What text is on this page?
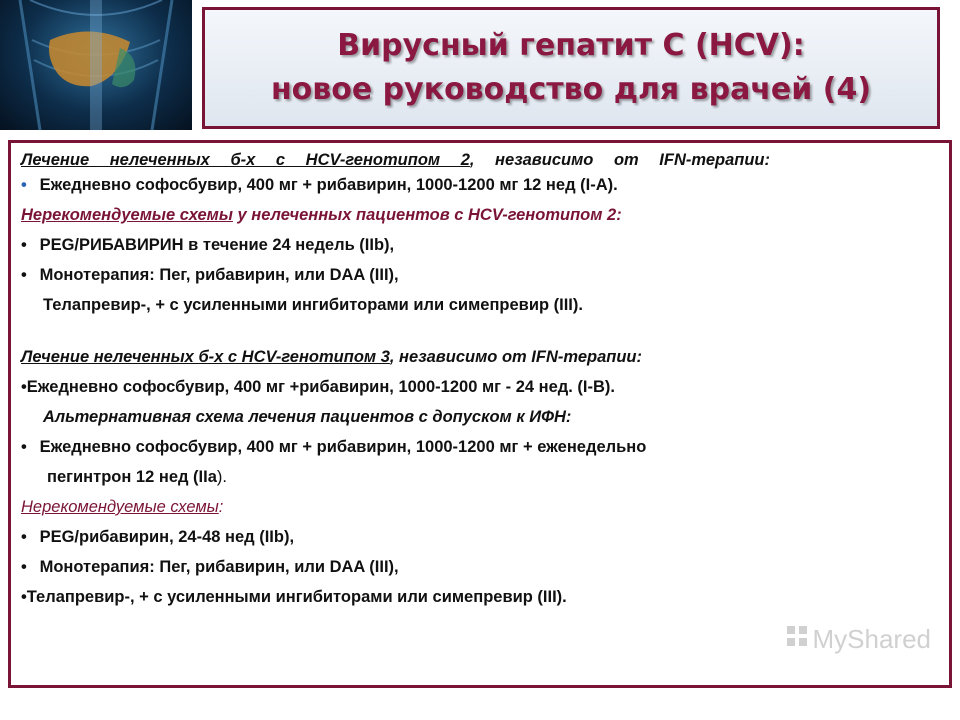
Вирусный гепатит С (HCV):
новое руководство для врачей (4)

Лечение нелеченных б-х с HCV-генотипом 2, независимо от IFN-терапии:

• Ежедневно софосбувир, 400 мг + рибавирин, 1000-1200 мг 12 нед (I-A).

Нерекомендуемые схемы у нелеченных пациентов с HCV-генотипом 2:

• PEG/РИБАВИРИН в течение 24 недель (IIb),

• Монотерапия: Пег, рибавирин, или DAA (III),

Телапревир-, + с усиленными ингибиторами или симепревир (III).

Лечение нелеченных б-х с HCV-генотипом 3, независимо от IFN-терапии:

•Ежедневно софосбувир, 400 мг +рибавирин, 1000-1200 мг - 24 нед. (I-B).

Альтернативная схема лечения пациентов с допуском к ИФН:

• Ежедневно софосбувир, 400 мг + рибавирин, 1000-1200 мг + еженедельно

пегинтрон 12 нед (IIa).

Нерекомендуемые схемы:

• PEG/рибавирин, 24-48 нед (IIb),

• Монотерапия: Пег, рибавирин, или DAA (III),

•Телапревир-, + с усиленными ингибиторами или симепревир (III).

MyShared
